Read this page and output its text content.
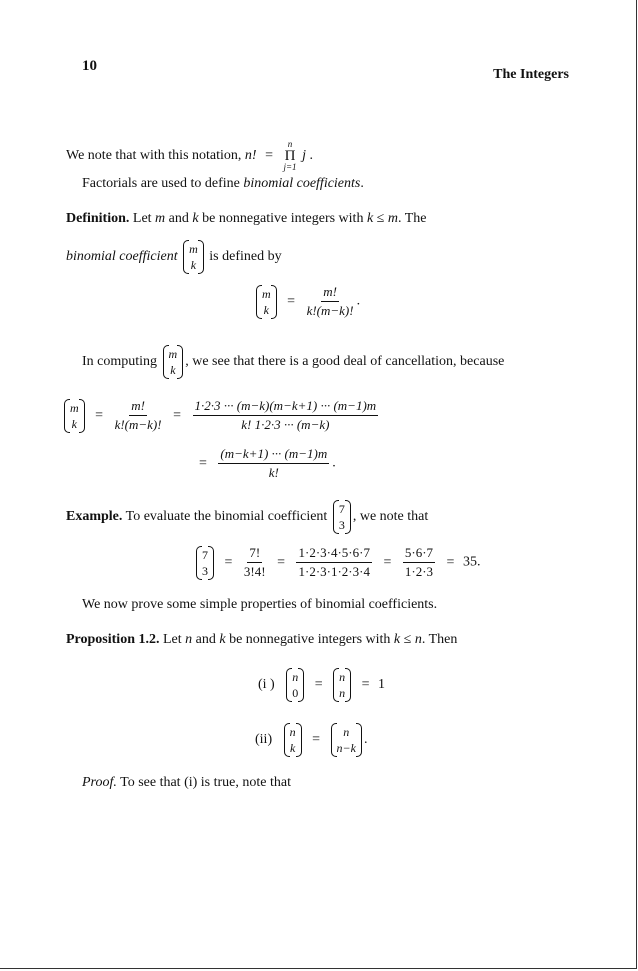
10
The Integers
We note that with this notation, n! =
n
Π
j=1
j .
Factorials are used to define binomial coefficients.
Definition. Let m and k be nonnegative integers with k ≤ m. The
binomial coefficient
m
k
is defined by
m
k
= $\frac{m!}{k!(m-k)!}$ .
In computing
m
k
, we see that there is a good deal of cancellation, because
m
k
= $\frac{m!}{k!(m-k)!} = \frac{1\cdot 2\cdot 3 \cdot\cdot\cdot (m-k)(m-k+1) \cdot\cdot\cdot (m-1)m}{k! 1\cdot 2\cdot 3 \cdot\cdot\cdot (m-k)}$
= $\frac{(m-k+1) \cdot\cdot\cdot (m-1)m}{k!}$ .
Example. To evaluate the binomial coefficient
7
3
, we note that
7
3
= $\frac{7!}{3!4!} = \frac{1\cdot 2\cdot 3\cdot 4\cdot 5\cdot 6\cdot 7}{1\cdot 2\cdot 3\cdot 1\cdot 2\cdot 3\cdot 4} = \frac{5\cdot 6\cdot 7}{1\cdot 2\cdot 3} = 35$.
We now prove some simple properties of binomial coefficients.
Proposition 1.2. Let n and k be nonnegative integers with k ≤ n. Then
(i )
n
0
=
n
n
= 1
(ii)
n
k
=
n
n−k
.
Proof. To see that (i) is true, note that
